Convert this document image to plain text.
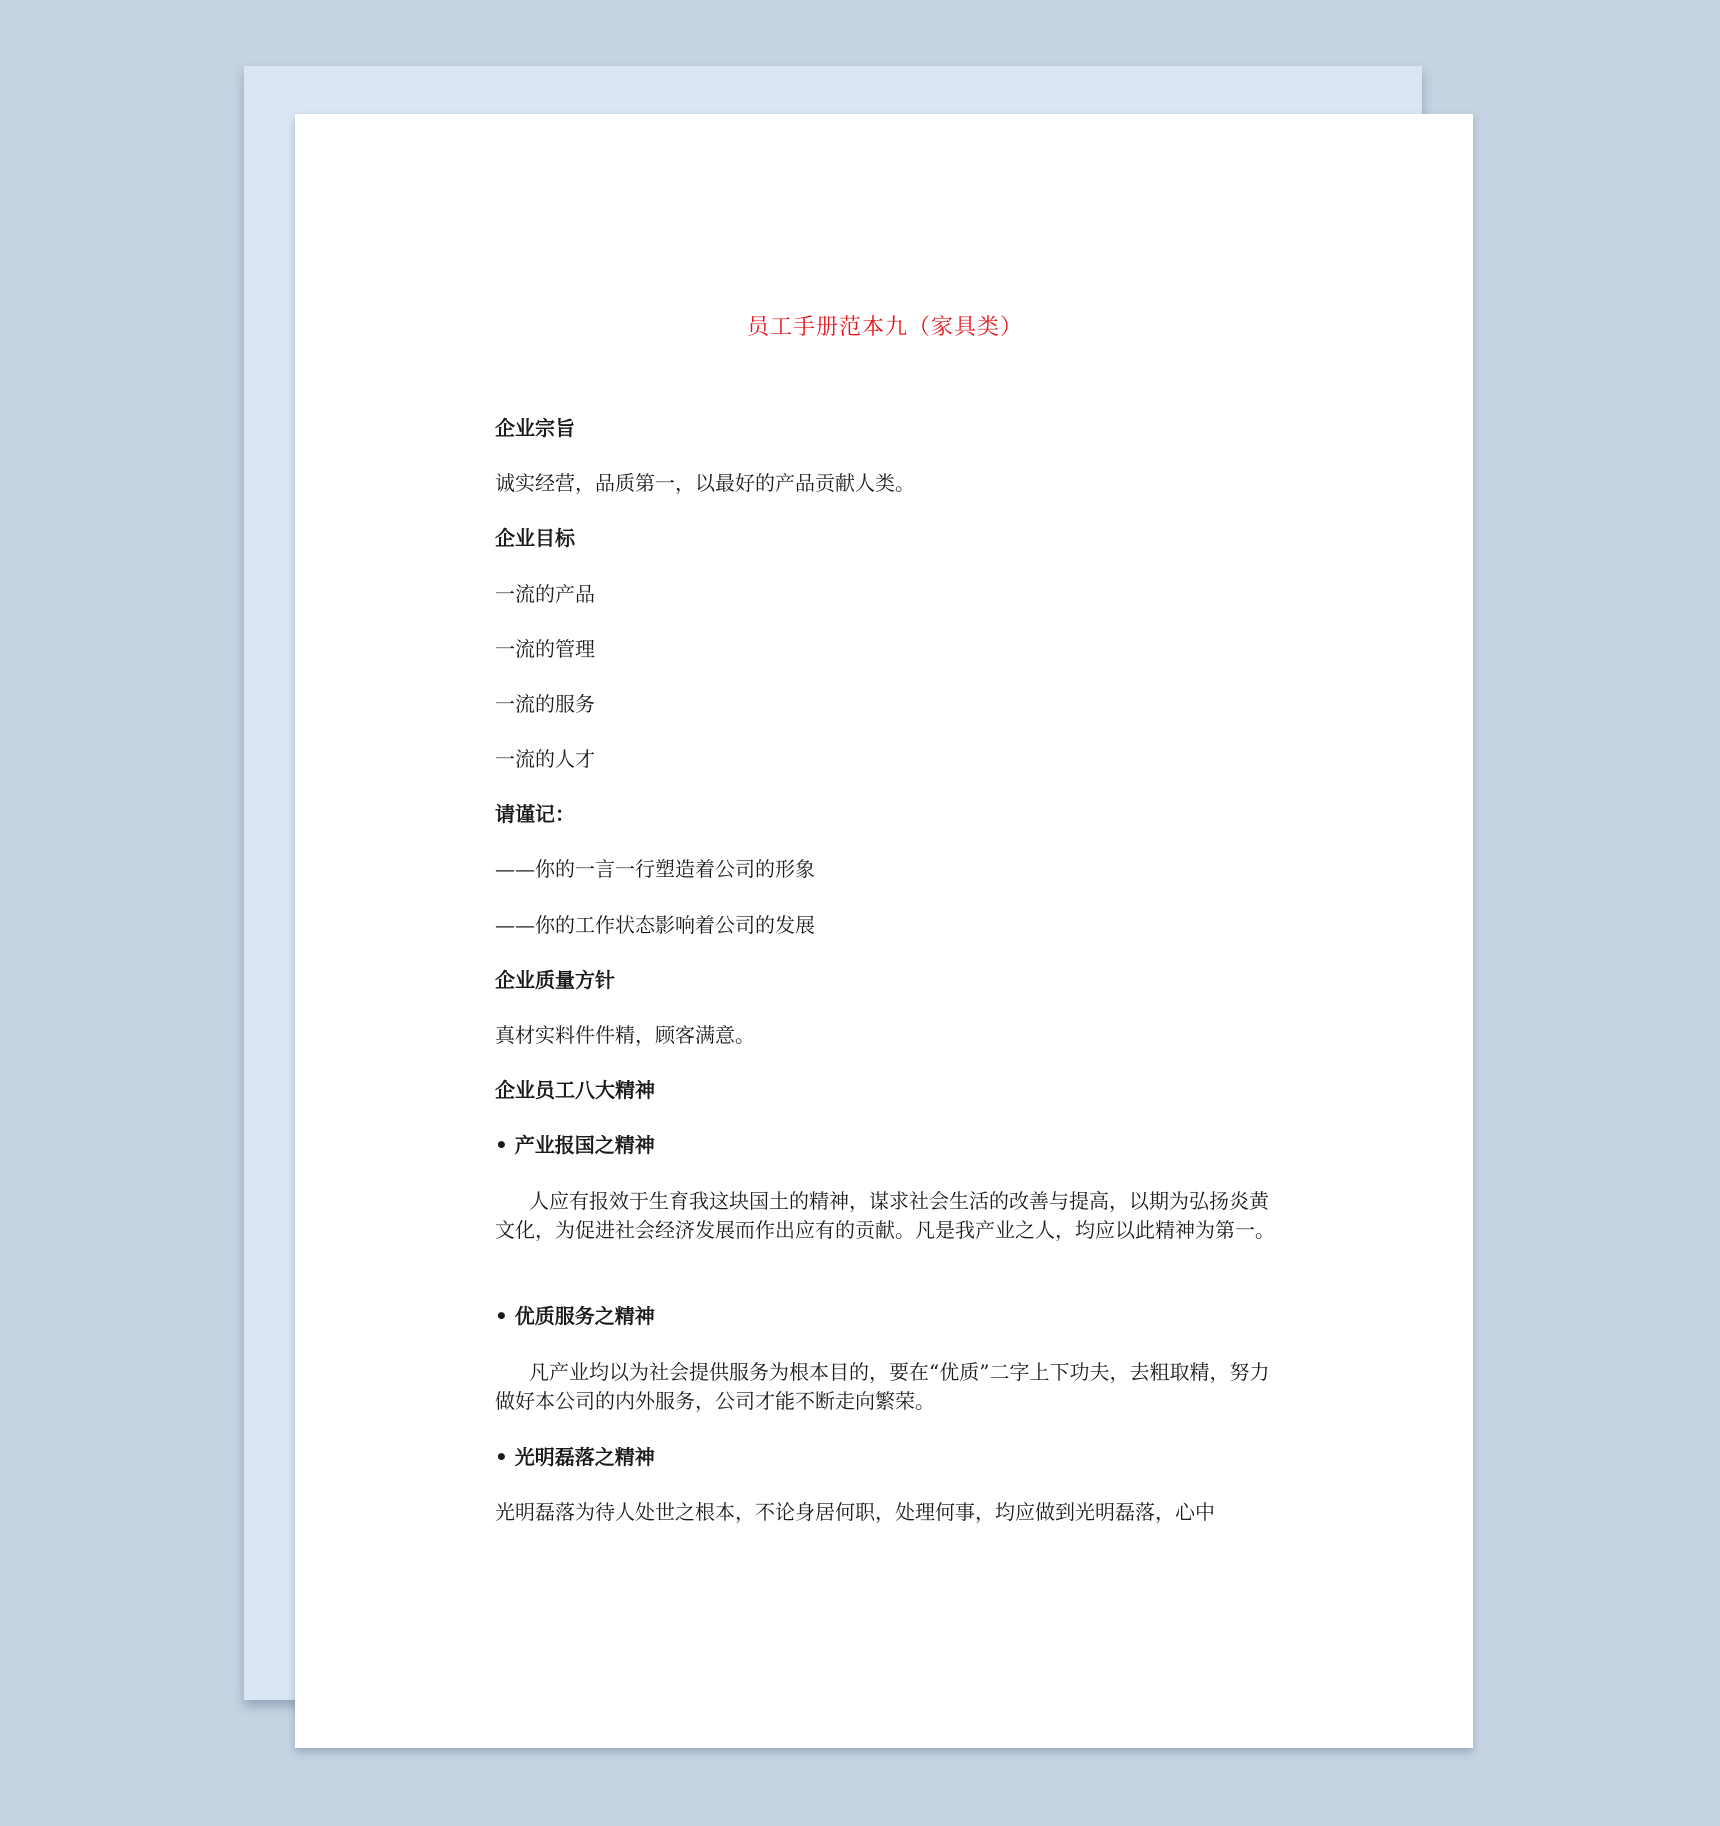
员工手册范本九（家具类）

企业宗旨

诚实经营，品质第一，以最好的产品贡献人类。

企业目标

一流的产品

一流的管理

一流的服务

一流的人才

请谨记：

——你的一言一行塑造着公司的形象

——你的工作状态影响着公司的发展

企业质量方针

真材实料件件精，顾客满意。

企业员工八大精神

• 产业报国之精神

人应有报效于生育我这块国土的精神，谋求社会生活的改善与提高，以期为弘扬炎黄文化，为促进社会经济发展而作出应有的贡献。凡是我产业之人，均应以此精神为第一。

• 优质服务之精神

凡产业均以为社会提供服务为根本目的，要在“优质”二字上下功夫，去粗取精，努力做好本公司的内外服务，公司才能不断走向繁荣。

• 光明磊落之精神

光明磊落为待人处世之根本，不论身居何职，处理何事，均应做到光明磊落，心中
